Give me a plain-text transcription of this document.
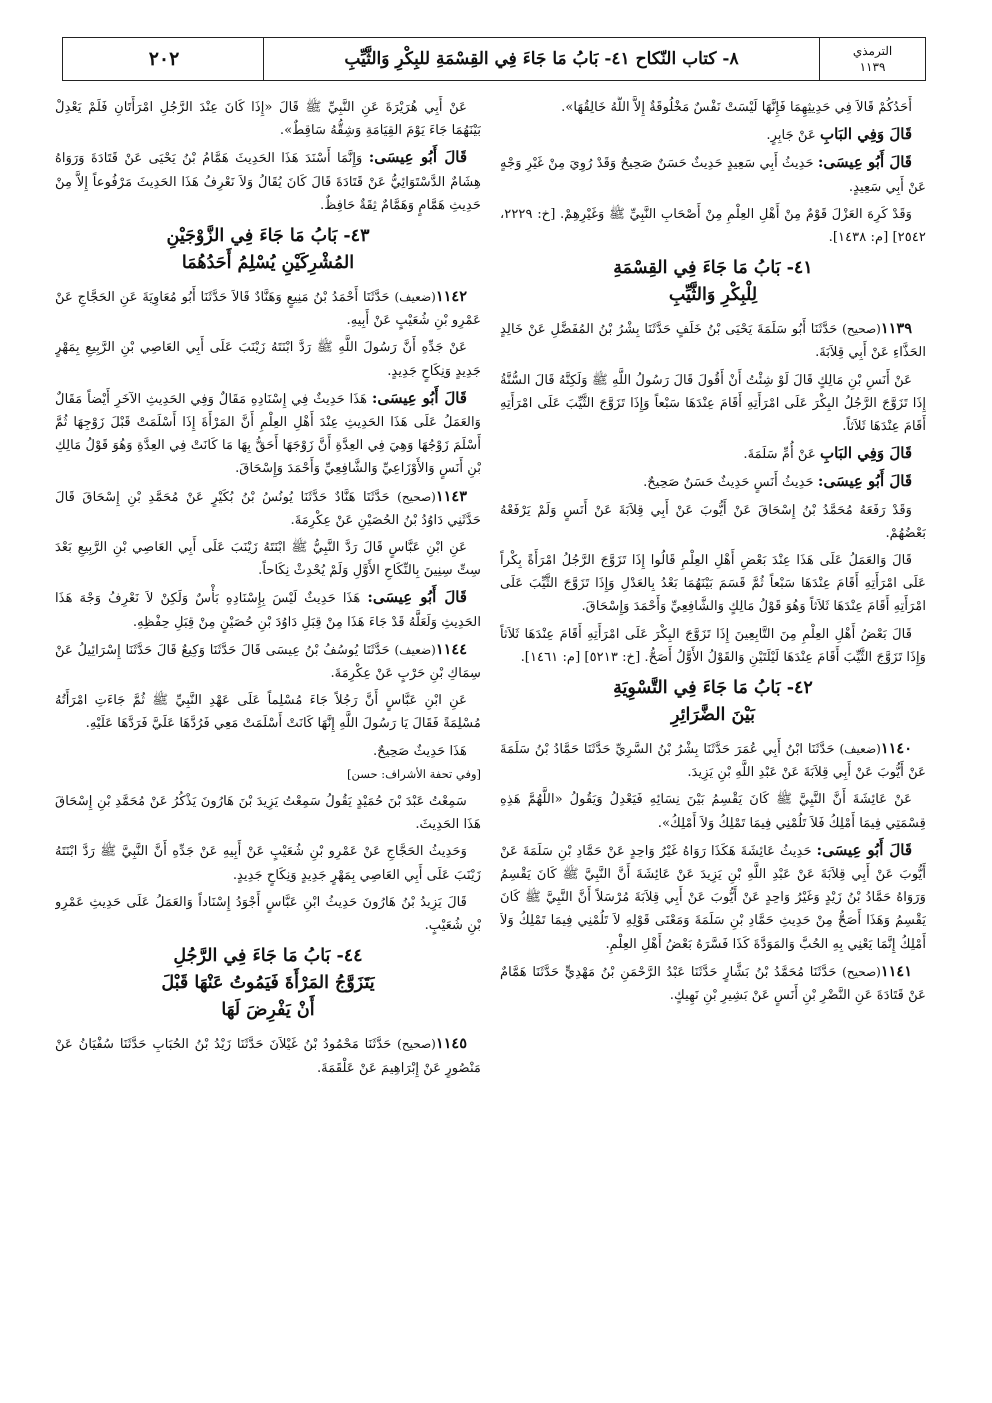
الترمذي
١١٣٩
٨- كتاب النّكاح ٤١- بَابُ مَا جَاءَ فِي القِسْمَةِ للبِكْرِ وَالثَّيِّبِ
٢٠٢

أَحَدُكُمْ قَالاَ فِي حَدِيثِهِمَا فَإِنَّهَا لَيْسَتْ نَفْسٌ مَخْلُوقَةٌ إِلاَّ اللَّهُ خَالِقُهَا».

قَالَ وَفِي البَابِ عَنْ جَابِرٍ.

قَالَ أَبُو عِيسَى: حَدِيثُ أَبِي سَعِيدٍ حَدِيثٌ حَسَنٌ صَحِيحٌ وَقَدْ رُوِيَ مِنْ غَيْرِ وَجْهٍ عَنْ أَبِي سَعِيدٍ.

وَقَدْ كَرِهَ العَزْلَ قَوْمٌ مِنْ أَهْلِ العِلْمِ مِنْ أَصْحَابِ النَّبِيِّ ﷺ وَغَيْرِهِمْ. [خ: ٢٢٢٩، ٢٥٤٢] [م: ١٤٣٨].

٤١- بَابُ مَا جَاءَ فِي القِسْمَةِ
لِلْبِكْرِ وَالثَّيِّبِ

١١٣٩(صحيح) حَدَّثَنَا أَبُو سَلَمَةَ يَحْيَى بْنُ خَلَفٍ حَدَّثَنَا بِشْرُ بْنُ المُفَضَّلِ عَنْ خَالِدٍ الحَذَّاءِ عَنْ أَبِي قِلاَبَةَ.

عَنْ أَنَسِ بْنِ مَالِكٍ قَالَ لَوْ شِئْتُ أَنْ أَقُولَ قَالَ رَسُولُ اللَّهِ ﷺ وَلَكِنَّهُ قَالَ السُّنَّةُ إِذَا تَزَوَّجَ الرَّجُلُ البِكْرَ عَلَى امْرَأَتِهِ أَقَامَ عِنْدَهَا سَبْعاً وَإِذَا تَزَوَّجَ الثَّيِّبَ عَلَى امْرَأَتِهِ أَقَامَ عِنْدَهَا ثَلاَثاً.

قَالَ وَفِي البَابِ عَنْ أُمِّ سَلَمَةَ.

قَالَ أَبُو عِيسَى: حَدِيثُ أَنَسٍ حَدِيثٌ حَسَنٌ صَحِيحٌ.

وَقَدْ رَفَعَهُ مُحَمَّدُ بْنُ إِسْحَاقَ عَنْ أَيُّوبَ عَنْ أَبِي قِلاَبَةَ عَنْ أَنَسٍ وَلَمْ يَرْفَعْهُ بَعْضُهُمْ.

قَالَ وَالعَمَلُ عَلَى هَذَا عِنْدَ بَعْضِ أَهْلِ العِلْمِ قَالُوا إِذَا تَزَوَّجَ الرَّجُلُ امْرَأَةً بِكْراً عَلَى امْرَأَتِهِ أَقَامَ عِنْدَهَا سَبْعاً ثُمَّ قَسَمَ بَيْنَهُمَا بَعْدُ بِالعَدْلِ وَإِذَا تَزَوَّجَ الثَّيِّبَ عَلَى امْرَأَتِهِ أَقَامَ عِنْدَهَا ثَلاَثاً وَهُوَ قَوْلُ مَالِكٍ وَالشَّافِعِيِّ وَأَحْمَدَ وَإِسْحَاقَ.

قَالَ بَعْضُ أَهْلِ العِلْمِ مِنَ التَّابِعِينَ إِذَا تَزَوَّجَ البِكْرَ عَلَى امْرَأَتِهِ أَقَامَ عِنْدَهَا ثَلاَثاً وَإِذَا تَزَوَّجَ الثَّيِّبَ أَقَامَ عِنْدَهَا لَيْلَتَيْنِ وَالقَوْلُ الأَوَّلُ أَصَحُّ. [خ: ٥٢١٣] [م: ١٤٦١].

٤٢- بَابُ مَا جَاءَ فِي التَّسْوِيَةِ
بَيْنَ الضَّرَائِرِ

١١٤٠(ضعيف) حَدَّثَنَا ابْنُ أَبِي عُمَرَ حَدَّثَنَا بِشْرُ بْنُ السَّرِيِّ حَدَّثَنَا حَمَّادُ بْنُ سَلَمَةَ عَنْ أَيُّوبَ عَنْ أَبِي قِلاَبَةَ عَنْ عَبْدِ اللَّهِ بْنِ يَزِيدَ.

عَنْ عَائِشَةَ أَنَّ النَّبِيَّ ﷺ كَانَ يَقْسِمُ بَيْنَ نِسَائِهِ فَيَعْدِلُ وَيَقُولُ «اللَّهُمَّ هَذِهِ قِسْمَتِي فِيمَا أَمْلِكُ فَلاَ تَلُمْنِي فِيمَا تَمْلِكُ وَلاَ أَمْلِكُ».

قَالَ أَبُو عِيسَى: حَدِيثُ عَائِشَةَ هَكَذَا رَوَاهُ غَيْرُ وَاحِدٍ عَنْ حَمَّادِ بْنِ سَلَمَةَ عَنْ أَيُّوبَ عَنْ أَبِي قِلاَبَةَ عَنْ عَبْدِ اللَّهِ بْنِ يَزِيدَ عَنْ عَائِشَةَ أَنَّ النَّبِيَّ ﷺ كَانَ يَقْسِمُ وَرَوَاهُ حَمَّادُ بْنُ زَيْدٍ وَغَيْرُ وَاحِدٍ عَنْ أَيُّوبَ عَنْ أَبِي قِلاَبَةَ مُرْسَلاً أَنَّ النَّبِيَّ ﷺ كَانَ يَقْسِمُ وَهَذَا أَصَحُّ مِنْ حَدِيثِ حَمَّادِ بْنِ سَلَمَةَ وَمَعْنَى قَوْلِهِ لاَ تَلُمْنِي فِيمَا تَمْلِكُ وَلاَ أَمْلِكُ إِنَّمَا يَعْنِي بِهِ الحُبَّ وَالمَوَدَّةَ كَذَا فَسَّرَهُ بَعْضُ أَهْلِ العِلْمِ.

١١٤١(صحيح) حَدَّثَنَا مُحَمَّدُ بْنُ بَشَّارٍ حَدَّثَنَا عَبْدُ الرَّحْمَنِ بْنُ مَهْدِيٍّ حَدَّثَنَا هَمَّامٌ عَنْ قَتَادَةَ عَنِ النَّضْرِ بْنِ أَنَسٍ عَنْ بَشِيرِ بْنِ نَهِيكٍ.

عَنْ أَبِي هُرَيْرَةَ عَنِ النَّبِيِّ ﷺ قَالَ «إِذَا كَانَ عِنْدَ الرَّجُلِ امْرَأَتَانِ فَلَمْ يَعْدِلْ بَيْنَهُمَا جَاءَ يَوْمَ القِيَامَةِ وَشِقُّهُ سَاقِطٌ».

قَالَ أَبُو عِيسَى: وَإِنَّمَا أَسْنَدَ هَذَا الحَدِيثَ هَمَّامُ بْنُ يَحْيَى عَنْ قَتَادَةَ وَرَوَاهُ هِشَامٌ الدَّسْتَوَائِيُّ عَنْ قَتَادَةَ قَالَ كَانَ يُقَالُ وَلاَ نَعْرِفُ هَذَا الحَدِيثَ مَرْفُوعاً إِلاَّ مِنْ حَدِيثِ هَمَّامٍ وَهَمَّامٌ ثِقَةٌ حَافِظٌ.

٤٣- بَابُ مَا جَاءَ فِي الزَّوْجَيْنِ
المُشْرِكَيْنِ يُسْلِمُ أَحَدُهُمَا

١١٤٢(ضعيف) حَدَّثَنَا أَحْمَدُ بْنُ مَنِيعٍ وَهَنَّادٌ قَالاَ حَدَّثَنَا أَبُو مُعَاوِيَةَ عَنِ الحَجَّاجِ عَنْ عَمْرِو بْنِ شُعَيْبٍ عَنْ أَبِيهِ.

عَنْ جَدِّهِ أَنَّ رَسُولَ اللَّهِ ﷺ رَدَّ ابْنَتَهُ زَيْنَبَ عَلَى أَبِي العَاصِي بْنِ الرَّبِيعِ بِمَهْرٍ جَدِيدٍ وَنِكَاحٍ جَدِيدٍ.

قَالَ أَبُو عِيسَى: هَذَا حَدِيثٌ فِي إِسْنَادِهِ مَقَالٌ وَفِي الحَدِيثِ الآخَرِ أَيْضاً مَقَالٌ وَالعَمَلُ عَلَى هَذَا الحَدِيثِ عِنْدَ أَهْلِ العِلْمِ أَنَّ المَرْأَةَ إِذَا أَسْلَمَتْ قَبْلَ زَوْجِهَا ثُمَّ أَسْلَمَ زَوْجُهَا وَهِيَ فِي العِدَّةِ أَنَّ زَوْجَهَا أَحَقُّ بِهَا مَا كَانَتْ فِي العِدَّةِ وَهُوَ قَوْلُ مَالِكِ بْنِ أَنَسٍ وَالأَوْزَاعِيِّ وَالشَّافِعِيِّ وَأَحْمَدَ وَإِسْحَاقَ.

١١٤٣(صحيح) حَدَّثَنَا هَنَّادٌ حَدَّثَنَا يُونُسُ بْنُ بُكَيْرٍ عَنْ مُحَمَّدِ بْنِ إِسْحَاقَ قَالَ حَدَّثَنِي دَاوُدُ بْنُ الحُصَيْنِ عَنْ عِكْرِمَةَ.

عَنِ ابْنِ عَبَّاسٍ قَالَ رَدَّ النَّبِيُّ ﷺ ابْنَتَهُ زَيْنَبَ عَلَى أَبِي العَاصِي بْنِ الرَّبِيعِ بَعْدَ سِتِّ سِنِينَ بِالنِّكَاحِ الأَوَّلِ وَلَمْ يُحْدِثْ نِكَاحاً.

قَالَ أَبُو عِيسَى: هَذَا حَدِيثٌ لَيْسَ بِإِسْنَادِهِ بَأْسٌ وَلَكِنْ لاَ نَعْرِفُ وَجْهَ هَذَا الحَدِيثِ وَلَعَلَّهُ قَدْ جَاءَ هَذَا مِنْ قِبَلِ دَاوُدَ بْنِ حُصَيْنٍ مِنْ قِبَلِ حِفْظِهِ.

١١٤٤(ضعيف) حَدَّثَنَا يُوسُفُ بْنُ عِيسَى قَالَ حَدَّثَنَا وَكِيعٌ قَالَ حَدَّثَنَا إِسْرَائِيلُ عَنْ سِمَاكِ بْنِ حَرْبٍ عَنْ عِكْرِمَةَ.

عَنِ ابْنِ عَبَّاسٍ أَنَّ رَجُلاً جَاءَ مُسْلِماً عَلَى عَهْدِ النَّبِيِّ ﷺ ثُمَّ جَاءَتِ امْرَأَتُهُ مُسْلِمَةً فَقَالَ يَا رَسُولَ اللَّهِ إِنَّهَا كَانَتْ أَسْلَمَتْ مَعِي فَرُدَّهَا عَلَيَّ فَرَدَّهَا عَلَيْهِ.

هَذَا حَدِيثٌ صَحِيحٌ.
[وفي تحفة الأشراف: حسن]

سَمِعْتُ عَبْدَ بْنَ حُمَيْدٍ يَقُولُ سَمِعْتُ يَزِيدَ بْنَ هَارُونَ يَذْكُرُ عَنْ مُحَمَّدِ بْنِ إِسْحَاقَ هَذَا الحَدِيثَ.

وَحَدِيثُ الحَجَّاجِ عَنْ عَمْرِو بْنِ شُعَيْبٍ عَنْ أَبِيهِ عَنْ جَدِّهِ أَنَّ النَّبِيَّ ﷺ رَدَّ ابْنَتَهُ زَيْنَبَ عَلَى أَبِي العَاصِي بِمَهْرٍ جَدِيدٍ وَنِكَاحٍ جَدِيدٍ.

قَالَ يَزِيدُ بْنُ هَارُونَ حَدِيثُ ابْنِ عَبَّاسٍ أَجْوَدُ إِسْنَاداً وَالعَمَلُ عَلَى حَدِيثِ عَمْرِو بْنِ شُعَيْبٍ.

٤٤- بَابُ مَا جَاءَ فِي الرَّجُلِ
يَتَزَوَّجُ المَرْأَةَ فَيَمُوتُ عَنْهَا قَبْلَ
أَنْ يَفْرِضَ لَهَا

١١٤٥(صحيح) حَدَّثَنَا مَحْمُودُ بْنُ غَيْلاَنَ حَدَّثَنَا زَيْدُ بْنُ الحُبَابِ حَدَّثَنَا سُفْيَانُ عَنْ مَنْصُورٍ عَنْ إِبْرَاهِيمَ عَنْ عَلْقَمَةَ.
